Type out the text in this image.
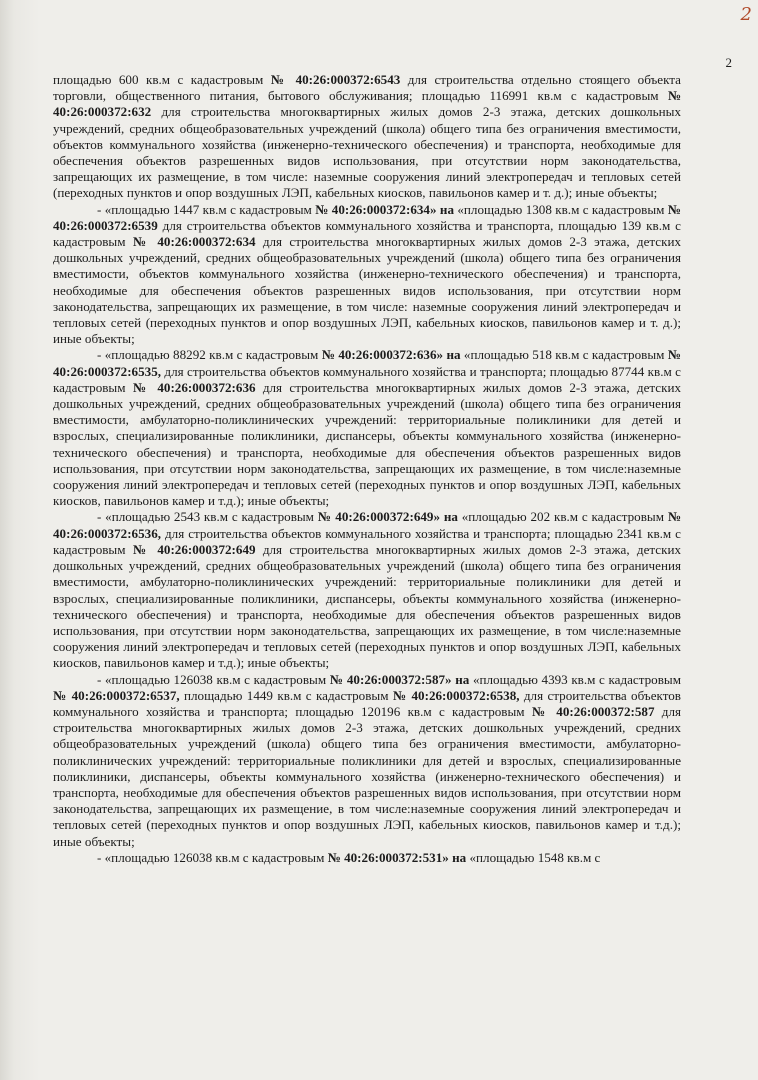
2
2

площадью 600 кв.м с кадастровым № 40:26:000372:6543 для строительства отдельно стоящего объекта торговли, общественного питания, бытового обслуживания; площадью 116991 кв.м с кадастровым № 40:26:000372:632 для строительства многоквартирных жилых домов 2-3 этажа, детских дошкольных учреждений, средних общеобразовательных учреждений (школа) общего типа без ограничения вместимости, объектов коммунального хозяйства (инженерно-технического обеспечения) и транспорта, необходимые для обеспечения объектов разрешенных видов использования, при отсутствии норм законодательства, запрещающих их размещение, в том числе: наземные сооружения линий электропередач и тепловых сетей (переходных пунктов и опор воздушных ЛЭП, кабельных киосков, павильонов камер и т. д.); иные объекты;

- «площадью 1447 кв.м с кадастровым № 40:26:000372:634» на «площадью 1308 кв.м с кадастровым № 40:26:000372:6539 для строительства объектов коммунального хозяйства и транспорта, площадью 139 кв.м с кадастровым № 40:26:000372:634 для строительства многоквартирных жилых домов 2-3 этажа, детских дошкольных учреждений, средних общеобразовательных учреждений (школа) общего типа без ограничения вместимости, объектов коммунального хозяйства (инженерно-технического обеспечения) и транспорта, необходимые для обеспечения объектов разрешенных видов использования, при отсутствии норм законодательства, запрещающих их размещение, в том числе: наземные сооружения линий электропередач и тепловых сетей (переходных пунктов и опор воздушных ЛЭП, кабельных киосков, павильонов камер и т. д.); иные объекты;

- «площадью 88292 кв.м с кадастровым № 40:26:000372:636» на «площадью 518 кв.м с кадастровым № 40:26:000372:6535, для строительства объектов коммунального хозяйства и транспорта; площадью 87744 кв.м с кадастровым № 40:26:000372:636 для строительства многоквартирных жилых домов 2-3 этажа, детских дошкольных учреждений, средних общеобразовательных учреждений (школа) общего типа без ограничения вместимости, амбулаторно-поликлинических учреждений: территориальные поликлиники для детей и взрослых, специализированные поликлиники, диспансеры, объекты коммунального хозяйства (инженерно-технического обеспечения) и транспорта, необходимые для обеспечения объектов разрешенных видов использования, при отсутствии норм законодательства, запрещающих их размещение, в том числе:наземные сооружения линий электропередач и тепловых сетей (переходных пунктов и опор воздушных ЛЭП, кабельных киосков, павильонов камер и т.д.); иные объекты;

- «площадью 2543 кв.м с кадастровым № 40:26:000372:649» на «площадью 202 кв.м с кадастровым № 40:26:000372:6536, для строительства объектов коммунального хозяйства и транспорта; площадью 2341 кв.м с кадастровым № 40:26:000372:649 для строительства многоквартирных жилых домов 2-3 этажа, детских дошкольных учреждений, средних общеобразовательных учреждений (школа) общего типа без ограничения вместимости, амбулаторно-поликлинических учреждений: территориальные поликлиники для детей и взрослых, специализированные поликлиники, диспансеры, объекты коммунального хозяйства (инженерно-технического обеспечения) и транспорта, необходимые для обеспечения объектов разрешенных видов использования, при отсутствии норм законодательства, запрещающих их размещение, в том числе:наземные сооружения линий электропередач и тепловых сетей (переходных пунктов и опор воздушных ЛЭП, кабельных киосков, павильонов камер и т.д.); иные объекты;

- «площадью 126038 кв.м с кадастровым № 40:26:000372:587» на «площадью 4393 кв.м с кадастровым № 40:26:000372:6537, площадью 1449 кв.м с кадастровым № 40:26:000372:6538, для строительства объектов коммунального хозяйства и транспорта; площадью 120196 кв.м с кадастровым № 40:26:000372:587 для строительства многоквартирных жилых домов 2-3 этажа, детских дошкольных учреждений, средних общеобразовательных учреждений (школа) общего типа без ограничения вместимости, амбулаторно-поликлинических учреждений: территориальные поликлиники для детей и взрослых, специализированные поликлиники, диспансеры, объекты коммунального хозяйства (инженерно-технического обеспечения) и транспорта, необходимые для обеспечения объектов разрешенных видов использования, при отсутствии норм законодательства, запрещающих их размещение, в том числе:наземные сооружения линий электропередач и тепловых сетей (переходных пунктов и опор воздушных ЛЭП, кабельных киосков, павильонов камер и т.д.); иные объекты;

- «площадью 126038 кв.м с кадастровым № 40:26:000372:531» на «площадью 1548 кв.м с
